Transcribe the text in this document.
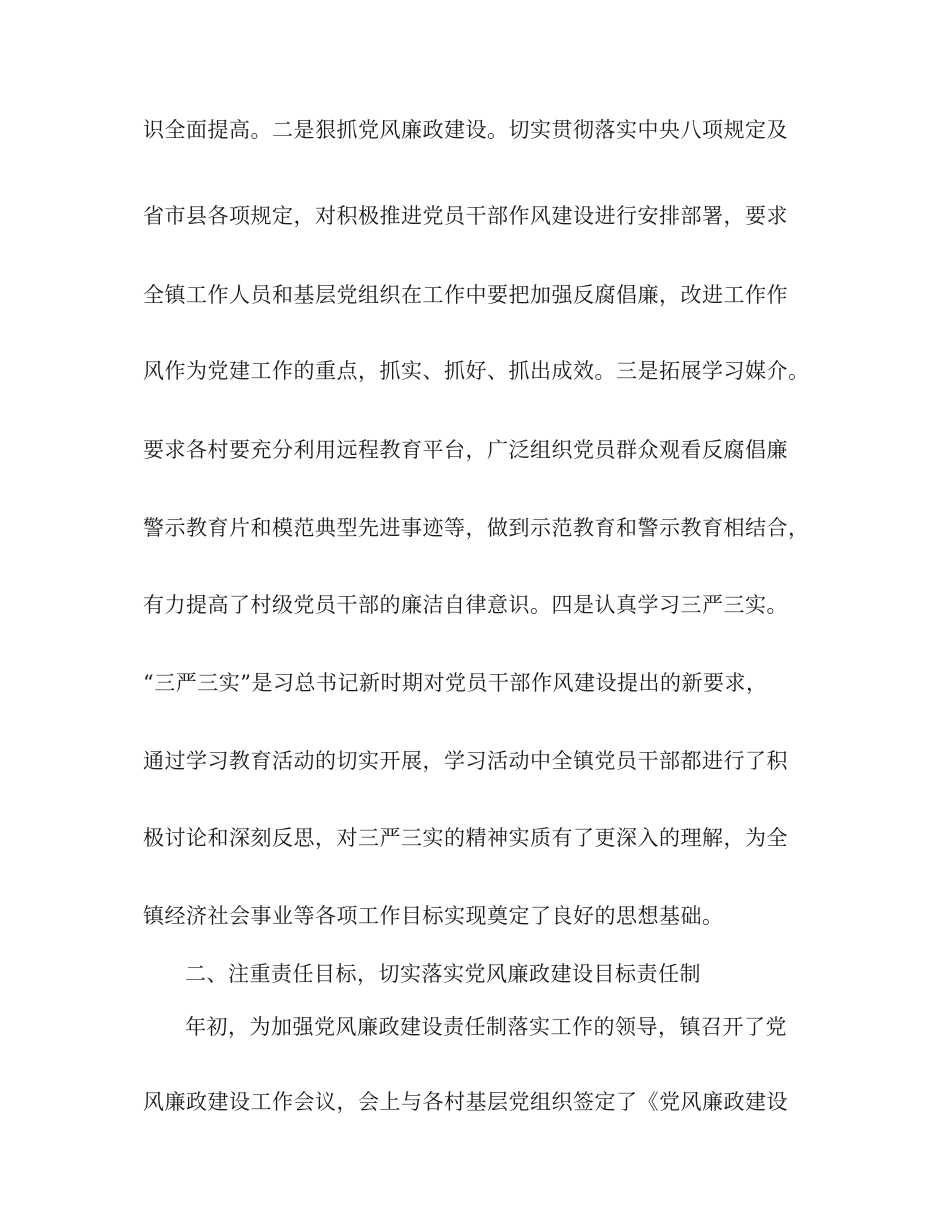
识全面提高。二是狠抓党风廉政建设。切实贯彻落实中央八项规定及

省市县各项规定，对积极推进党员干部作风建设进行安排部署，要求

全镇工作人员和基层党组织在工作中要把加强反腐倡廉，改进工作作

风作为党建工作的重点，抓实、抓好、抓出成效。三是拓展学习媒介。

要求各村要充分利用远程教育平台，广泛组织党员群众观看反腐倡廉

警示教育片和模范典型先进事迹等，做到示范教育和警示教育相结合，

有力提高了村级党员干部的廉洁自律意识。四是认真学习三严三实。

“三严三实”是习总书记新时期对党员干部作风建设提出的新要求，

通过学习教育活动的切实开展，学习活动中全镇党员干部都进行了积

极讨论和深刻反思，对三严三实的精神实质有了更深入的理解，为全

镇经济社会事业等各项工作目标实现奠定了良好的思想基础。

二、注重责任目标，切实落实党风廉政建设目标责任制

年初，为加强党风廉政建设责任制落实工作的领导，镇召开了党

风廉政建设工作会议，会上与各村基层党组织签定了《党风廉政建设
